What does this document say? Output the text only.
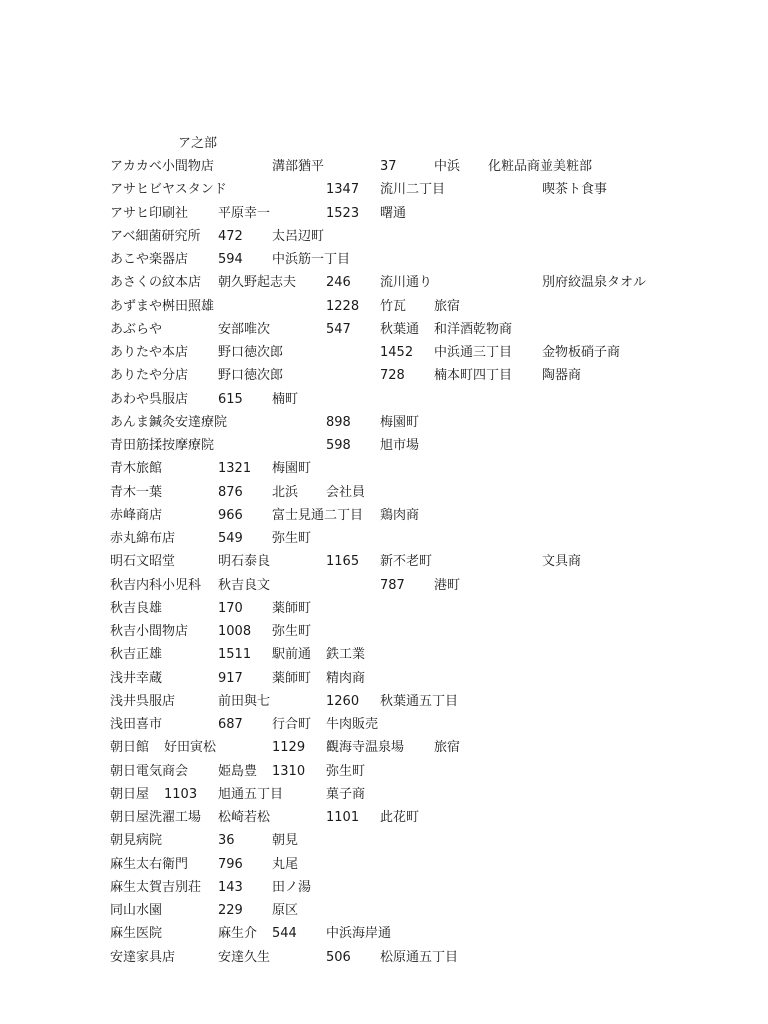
ア之部
アカカベ小間物店	溝部猶平	37	中浜 化粧品商並美粧部
アサヒビヤスタンド	1347 流川二丁目	喫茶ト食事
アサヒ印刷社 平原幸一	1523 曙通
アベ細菌研究所 472 太呂辺町
あこや楽器店 594 中浜筋一丁目
あさくの紋本店 朝久野起志夫 246 流川通り	別府絞温泉タオル
あずまや桝田照雄	1228 竹瓦 旅宿
あぶらや	安部唯次	547 秋葉通 和洋酒乾物商
ありたや本店 野口徳次郎	1452 中浜通三丁目 金物板硝子商
ありたや分店 野口徳次郎	728 楠本町四丁目 陶器商
あわや呉服店 615 楠町
あんま鍼灸安達療院	898 梅園町
青田筋揉按摩療院	598 旭市場
青木旅館	1321 梅園町
青木一葉	876 北浜 会社員
赤峰商店	966 富士見通二丁目 鶏肉商
赤丸綿布店	549 弥生町
明石文昭堂	明石泰良	1165 新不老町	文具商
秋吉内科小児科 秋吉良文	787 港町
秋吉良雄	170 薬師町
秋吉小間物店 1008 弥生町
秋吉正雄	1511 駅前通 鉄工業
浅井幸蔵	917 薬師町 精肉商
浅井呉服店	前田與七	1260 秋葉通五丁目
浅田喜市	687 行合町 牛肉販売
朝日館 好田寅松	1129 觀海寺温泉場 旅宿
朝日電気商会 姫島豊 1310 弥生町
朝日屋 1103 旭通五丁目	菓子商
朝日屋洗濯工場 松崎若松	1101 此花町
朝見病院	36	朝見
麻生太右衛門 796 丸尾
麻生太賀吉別荘 143 田ノ湯
同山水園	229 原区
麻生医院	麻生介 544 中浜海岸通
安達家具店	安達久生	506 松原通五丁目
